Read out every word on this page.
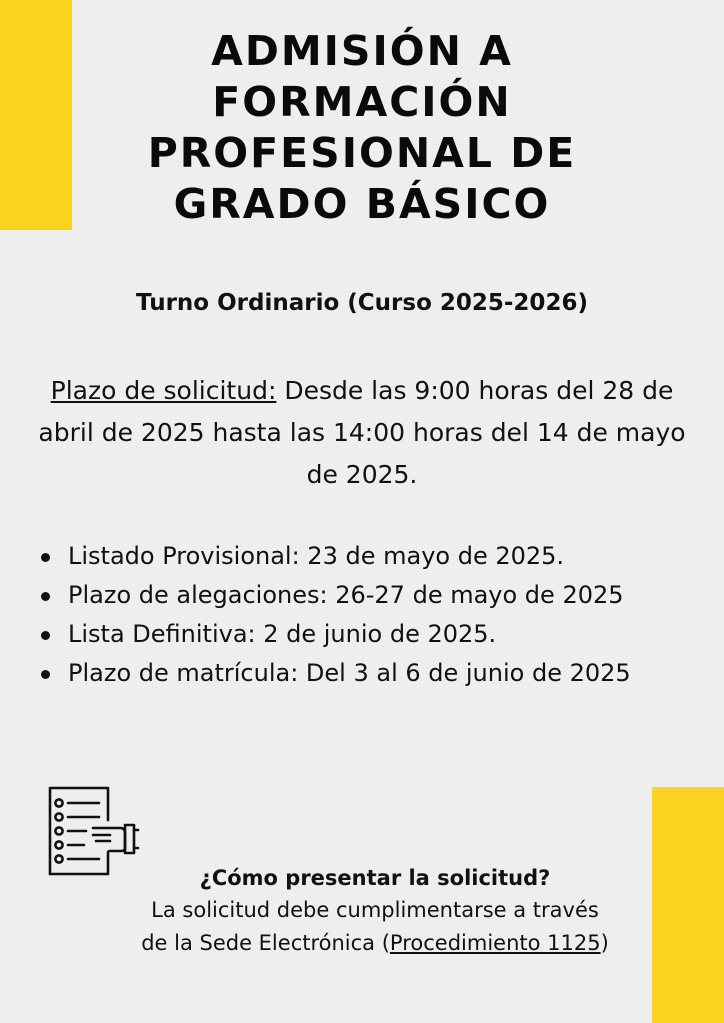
ADMISIÓN A
FORMACIÓN
PROFESIONAL DE
GRADO BÁSICO
Turno Ordinario (Curso 2025-2026)

Plazo de solicitud: Desde las 9:00 horas del 28 de abril de 2025 hasta las 14:00 horas del 14 de mayo de 2025.

Listado Provisional: 23 de mayo de 2025.
Plazo de alegaciones: 26-27 de mayo de 2025
Lista Definitiva: 2 de junio de 2025.
Plazo de matrícula: Del 3 al 6 de junio de 2025
¿Cómo presentar la solicitud?
La solicitud debe cumplimentarse a través
de la Sede Electrónica (Procedimiento 1125)
